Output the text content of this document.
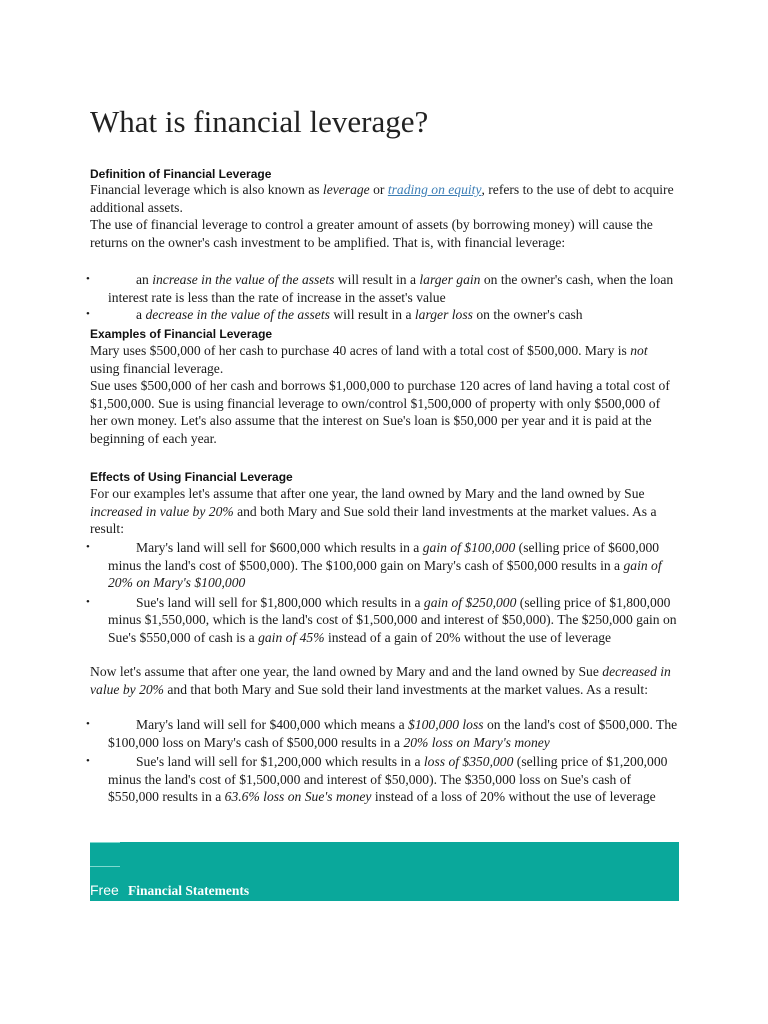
What is financial leverage?
Definition of Financial Leverage
Financial leverage which is also known as leverage or trading on equity, refers to the use of debt to acquire additional assets.
The use of financial leverage to control a greater amount of assets (by borrowing money) will cause the returns on the owner's cash investment to be amplified. That is, with financial leverage:
•	an increase in the value of the assets will result in a larger gain on the owner's cash, when the loan interest rate is less than the rate of increase in the asset's value
•	a decrease in the value of the assets will result in a larger loss on the owner's cash
Examples of Financial Leverage
Mary uses $500,000 of her cash to purchase 40 acres of land with a total cost of $500,000. Mary is not using financial leverage.
Sue uses $500,000 of her cash and borrows $1,000,000 to purchase 120 acres of land having a total cost of $1,500,000. Sue is using financial leverage to own/control $1,500,000 of property with only $500,000 of her own money. Let's also assume that the interest on Sue's loan is $50,000 per year and it is paid at the beginning of each year.
Effects of Using Financial Leverage
For our examples let's assume that after one year, the land owned by Mary and the land owned by Sue increased in value by 20% and both Mary and Sue sold their land investments at the market values. As a result:
•	Mary's land will sell for $600,000 which results in a gain of $100,000 (selling price of $600,000 minus the land's cost of $500,000). The $100,000 gain on Mary's cash of $500,000 results in a gain of 20% on Mary's $100,000
•	Sue's land will sell for $1,800,000 which results in a gain of $250,000 (selling price of $1,800,000 minus $1,550,000, which is the land's cost of $1,500,000 and interest of $50,000). The $250,000 gain on Sue's $550,000 of cash is a gain of 45% instead of a gain of 20% without the use of leverage
Now let's assume that after one year, the land owned by Mary and and the land owned by Sue decreased in value by 20% and that both Mary and Sue sold their land investments at the market values. As a result:
•	Mary's land will sell for $400,000 which means a $100,000 loss on the land's cost of $500,000. The $100,000 loss on Mary's cash of $500,000 results in a 20% loss on Mary's money
•	Sue's land will sell for $1,200,000 which results in a loss of $350,000 (selling price of $1,200,000 minus the land's cost of $1,500,000 and interest of $50,000). The $350,000 loss on Sue's cash of $550,000 results in a 63.6% loss on Sue's money instead of a loss of 20% without the use of leverage
Free Financial Statements
